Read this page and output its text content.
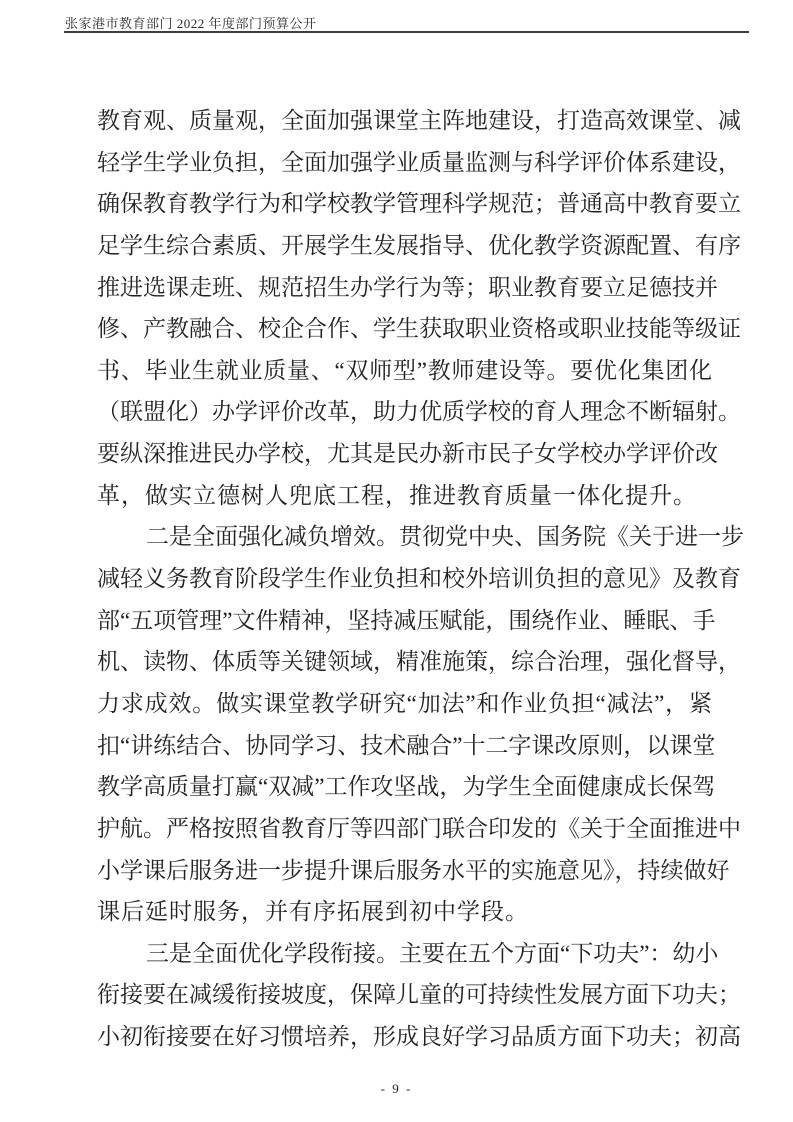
张家港市教育部门 2022 年度部门预算公开
教育观、质量观，全面加强课堂主阵地建设，打造高效课堂、减
轻学生学业负担，全面加强学业质量监测与科学评价体系建设，
确保教育教学行为和学校教学管理科学规范；普通高中教育要立
足学生综合素质、开展学生发展指导、优化教学资源配置、有序
推进选课走班、规范招生办学行为等；职业教育要立足德技并
修、产教融合、校企合作、学生获取职业资格或职业技能等级证
书、毕业生就业质量、“双师型”教师建设等。要优化集团化
（联盟化）办学评价改革，助力优质学校的育人理念不断辐射。
要纵深推进民办学校，尤其是民办新市民子女学校办学评价改
革，做实立德树人兜底工程，推进教育质量一体化提升。
二是全面强化减负增效。贯彻党中央、国务院《关于进一步
减轻义务教育阶段学生作业负担和校外培训负担的意见》及教育
部“五项管理”文件精神，坚持减压赋能，围绕作业、睡眠、手
机、读物、体质等关键领域，精准施策，综合治理，强化督导，
力求成效。做实课堂教学研究“加法”和作业负担“减法”，紧
扣“讲练结合、协同学习、技术融合”十二字课改原则，以课堂
教学高质量打赢“双减”工作攻坚战，为学生全面健康成长保驾
护航。严格按照省教育厅等四部门联合印发的《关于全面推进中
小学课后服务进一步提升课后服务水平的实施意见》，持续做好
课后延时服务，并有序拓展到初中学段。
三是全面优化学段衔接。主要在五个方面“下功夫”：幼小
衔接要在减缓衔接坡度，保障儿童的可持续性发展方面下功夫；
小初衔接要在好习惯培养，形成良好学习品质方面下功夫；初高
- 9 -
